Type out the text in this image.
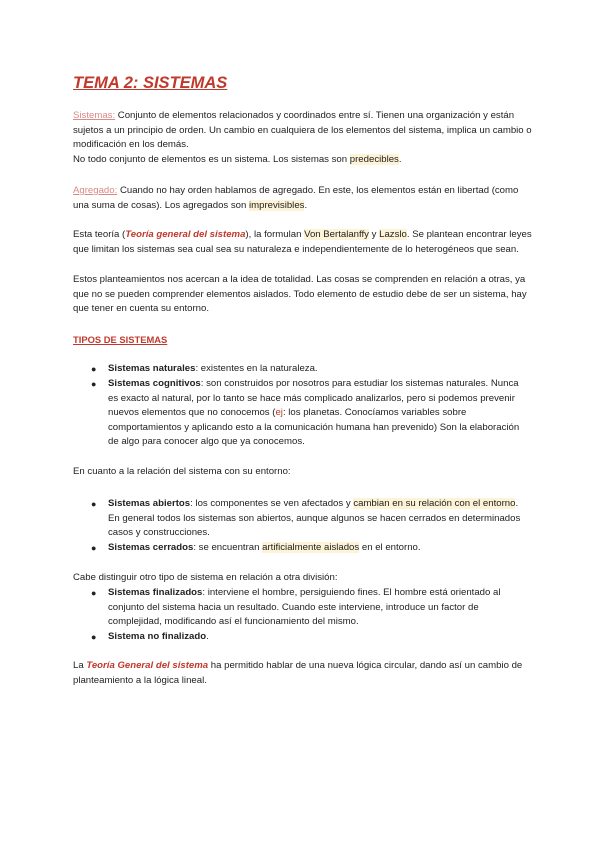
TEMA 2: SISTEMAS

Sistemas: Conjunto de elementos relacionados y coordinados entre sí. Tienen una organización y están sujetos a un principio de orden. Un cambio en cualquiera de los elementos del sistema, implica un cambio o modificación en los demás.
No todo conjunto de elementos es un sistema. Los sistemas son predecibles.

Agregado: Cuando no hay orden hablamos de agregado. En este, los elementos están en libertad (como una suma de cosas). Los agregados son imprevisibles.

Esta teoría (Teoría general del sistema), la formulan Von Bertalanffy y Lazslo. Se plantean encontrar leyes que limitan los sistemas sea cual sea su naturaleza e independientemente de lo heterogéneos que sean.

Estos planteamientos nos acercan a la idea de totalidad. Las cosas se comprenden en relación a otras, ya que no se pueden comprender elementos aislados. Todo elemento de estudio debe de ser un sistema, hay que tener en cuenta su entorno.

TIPOS DE SISTEMAS
● Sistemas naturales: existentes en la naturaleza.
● Sistemas cognitivos: son construidos por nosotros para estudiar los sistemas naturales. Nunca es exacto al natural, por lo tanto se hace más complicado analizarlos, pero si podemos prevenir nuevos elementos que no conocemos (ej: los planetas. Conocíamos variables sobre comportamientos y aplicando esto a la comunicación humana han prevenido) Son la elaboración de algo para conocer algo que ya conocemos.

En cuanto a la relación del sistema con su entorno:

● Sistemas abiertos: los componentes se ven afectados y cambian en su relación con el entorno. En general todos los sistemas son abiertos, aunque algunos se hacen cerrados en determinados casos y construcciones.
● Sistemas cerrados: se encuentran artificialmente aislados en el entorno.

Cabe distinguir otro tipo de sistema en relación a otra división:

● Sistemas finalizados: interviene el hombre, persiguiendo fines. El hombre está orientado al conjunto del sistema hacia un resultado. Cuando este interviene, introduce un factor de complejidad, modificando así el funcionamiento del mismo.
● Sistema no finalizado.

La Teoría General del sistema ha permitido hablar de una nueva lógica circular, dando así un cambio de planteamiento a la lógica lineal.
